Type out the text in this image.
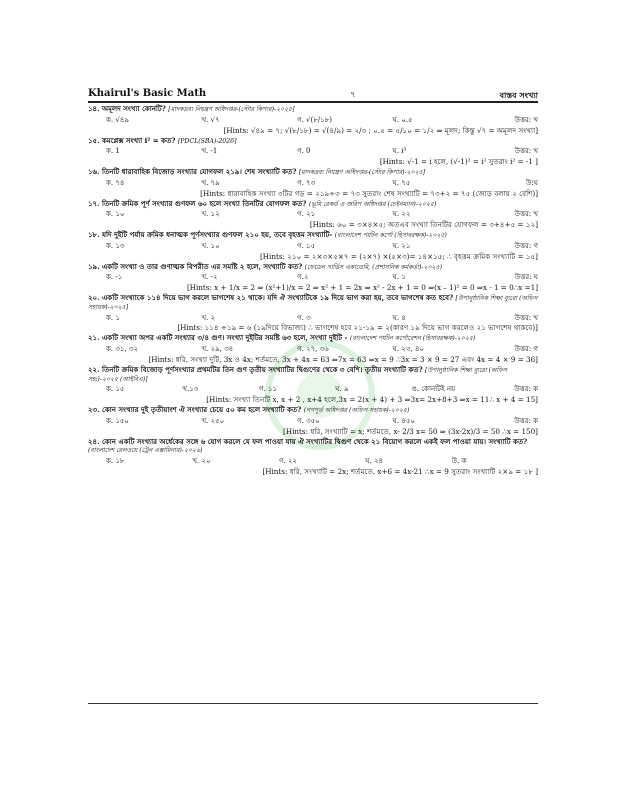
Khairul's Basic Math	৭	বাস্তব সংখ্যা
১৪. অমূলদ সংখ্যা কোনটি? [মাদকদ্রব্য নিয়ন্ত্রণ অধিদপ্তর-(স্টোর কিপার)-২০২৫]
ক. √৪৯	খ. √৭	গ. √(৮/১৮)	ঘ. ০.৫	উত্তর: খ
[Hints: √৪৯ = ৭; √(৮/১৮) = √(৪/৯) = ২/৩ ; ০.৫ = ৫/১০ = ১/২ ⇒ মূলদ; কিন্তু √৭ = অমূলদ সংখ্যা]
১৫. কমপ্লেক্স সংখ্যা i² = কত? [PDCL(SBA)-2026]
ক. 1	খ. -1	গ. 0	ঘ. i³	উত্তর: খ
[Hints: √-1 = i হলে, (√-1)² = i² সুতরাং i² = -1 ]
১৬. তিনটি ধারাবাহিক বিজোড় সংখ্যার যোগফল ২১৯। শেষ সংখ্যাটি কত? [মাদকদ্রব্য নিয়ন্ত্রণ অধিদপ্তর-(স্টোর কিপার)-২০২৫]
ক. ৭৪	খ. ৭৯	গ. ৭৩	ঘ. ৭৫	উ:ঘ
[Hints: ধারাবাহিক সংখ্যা ৩টির গড় = ২১৯÷৩ = ৭৩ সুতরাং শেষ সংখ্যাটি = ৭৩+২ = ৭৫ (জোড় বলায় ২ বেশি)]
১৭. তিনটি ক্রমিক পূর্ণ সংখ্যার গুণফল ৬০ হলে সংখ্যা তিনটির যোগফল কত? (ভূমি রেকর্ড ও জরিপ অধিদপ্তর (চেইনম্যান)-২০২৫)
ক. ১০	খ. ১২	গ. ২১	ঘ. ২২	উত্তর: খ
[Hints: ৬০ = ৩×৪×৫; অতএব সংখ্যা তিনটির যোগফল = ৩+৪+৫ = ১২]
১৮. যদি দুইটি পর্যায় ক্রমিক ধনাত্মক পূর্ণসংখ্যার গুণফল ২১০ হয়, তবে বৃহত্তম সংখ্যাটি- (বাংলাদেশ পর্যটন কর্পো (হিসাবরক্ষক)-২০২৫)
ক. ১৩	খ. ১০	গ. ১৫	ঘ. ২১	উত্তর: গ
[Hints: ২১০ = ২×৩×৫×৭ = (২×৭) ×(৫×৩)= ১৪×১৫; ∴ বৃহত্তম ক্রমিক সংখ্যাটি = ১৫]
১৯. একটি সংখ্যা ও তার গুণাত্মক বিপরীত এর সমষ্টি ২ হলে, সংখ্যাটি কত? (ফেডেন সার্ভিস একাডেমি, (প্রশাসনিক কর্মকর্তা)-২০২৫)
ক. -১	খ. -২	গ.২	ঘ. ১	উত্তর: ঘ
[Hints: x + 1/x = 2 ⇒ (x²+1)/x = 2 ⇒ x² + 1 = 2x ⇒ x² - 2x + 1 = 0 ⇒(x – 1)² = 0 ⇒x - 1 = 0∴x =1]
২০. একটি সংখ্যাকে ১১৪ দিয়ে ভাগ করলে ভাগশেষ ২১ থাকে। যদি ঐ সংখ্যাটিকে ১৯ দিয়ে ভাগ করা হয়, তবে ভাগশেষ কত হবে? [উপানুষ্ঠানিক শিক্ষা ব্যুরো (অফিস সহায়ক)-২০২৫]
ক. ১	খ. ২	গ. ৩	ঘ. ৪	উত্তর: খ
[Hints: ১১৪ ÷১৯ = ৬ (১৯দিয়ে বিভাজ্য) ∴ ভাগশেষ হবে ২১-১৯ = ২(কারণ ১৯ দিয়ে ভাগ করলেও ২১ ভাগশেষ থাকবে)]
২১. একটি সংখ্যা অপর একটি সংখ্যার ৩/৪ গুণ। সংখ্যা দুইটির সমষ্টি ৬৩ হলে, সংখ্যা দুইটি - (বাংলাদেশ পর্যটন কর্পোরেশন (হিসাবরক্ষক)-২০২৫)
ক. ৩১, ৩২	খ. ২৯, ৩৪	গ. ২৭, ৩৬	ঘ. ২৩, ৪০	উত্তর: গ
[Hints: ধরি, সংখ্যা দুটি, 3x ও 4x; শর্তমতে, 3x + 4x = 63 ⇒7x = 63 ⇒x = 9 ∴3x = 3 × 9 = 27 এবং 4x = 4 × 9 = 36]
২২. তিনটি ক্রমিক বিজোড় পূর্ণসংখ্যার প্রথমটির তিন গুণ তৃতীয় সংখ্যাটির দ্বিগুণের থেকে ৩ বেশি। তৃতীয় সংখ্যাটি কত? [উপানুষ্ঠানিক শিক্ষা ব্যুরো (অফিস সহ:)-২০২৫ (আইবিএ)]
ক. ১৫	খ.১৩	গ. ১১	ঘ. ৯	ঙ. কোনটিই নয়	উত্তর: ক
[Hints: সংখ্যা তিনটি x, x + 2 , x+4 হলে,3x = 2(x + 4) + 3 ⇒3x= 2x+8+3 ⇒x = 11∴ x + 4 = 15]
২৩. কোন সংখ্যার দুই তৃতীয়াংশ ঐ সংখ্যার চেয়ে ৫০ কম হলে সংখ্যাটি কত? (গণপূর্ত অধিদপ্তর (অফিস সহায়ক)-২০২৫)
ক. ১৫০	খ. ২৫০	গ. ৩৫০	ঘ. ৪৫০	উত্তর: ক
[Hints: ধরি, সংখ্যাটি = x; শর্তমতে, x- 2/3 x= 50 ⇒ (3x-2x)/3 = 50 ∴x = 150]
২৪. কোন একটি সংখ্যার অর্ধেকের সঙ্গে ৬ যোগ করলে যে ফল পাওয়া যায় ঐ সংখ্যাটির দ্বিগুণ থেকে ২১ বিয়োগ করলে একই ফল পাওয়া যায়। সংখ্যাটি কত? (বাংলাদেশ রেলওয়ে (ট্রেন এক্সামিনার)-২০২৬)
ক. ১৮	খ. ২০	গ. ২২	ঘ. ২৪	উ. ক
[Hints: ধরি, সংখ্যাটি = 2x; শর্তমতে, x+6 = 4x-21 ∴x = 9 সুতরাং সংখ্যাটি ২×৯ = ১৮ ]
